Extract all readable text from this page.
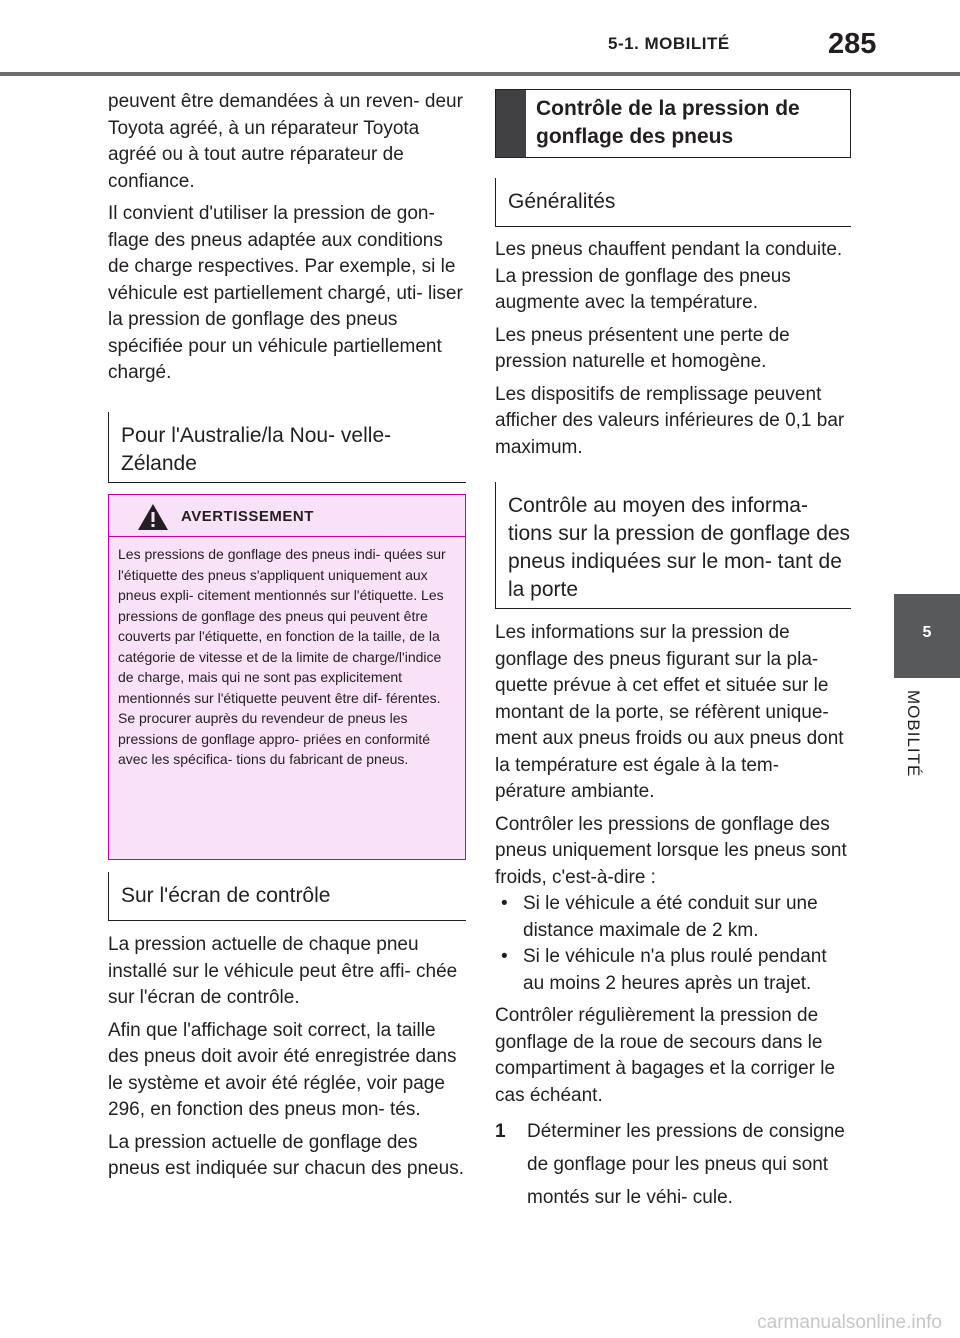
5-1. MOBILITÉ	285
5
MOBILITÉ

peuvent être demandées à un reven- deur Toyota agréé, à un réparateur Toyota agréé ou à tout autre réparateur de confiance.

Il convient d'utiliser la pression de gon- flage des pneus adaptée aux conditions de charge respectives. Par exemple, si le véhicule est partiellement chargé, uti- liser la pression de gonflage des pneus spécifiée pour un véhicule partiellement chargé.

Pour l'Australie/la Nou- velle-Zélande
AVERTISSEMENT
Les pressions de gonflage des pneus indi- quées sur l'étiquette des pneus s'appliquent uniquement aux pneus expli- citement mentionnés sur l'étiquette. Les pressions de gonflage des pneus qui peuvent être couverts par l'étiquette, en fonction de la taille, de la catégorie de vitesse et de la limite de charge/l'indice de charge, mais qui ne sont pas explicitement mentionnés sur l'étiquette peuvent être dif- férentes. Se procurer auprès du revendeur de pneus les pressions de gonflage appro- priées en conformité avec les spécifica- tions du fabricant de pneus.
Sur l'écran de contrôle

La pression actuelle de chaque pneu installé sur le véhicule peut être affi- chée sur l'écran de contrôle.

Afin que l'affichage soit correct, la taille des pneus doit avoir été enregistrée dans le système et avoir été réglée, voir page 296, en fonction des pneus mon- tés.

La pression actuelle de gonflage des pneus est indiquée sur chacun des pneus.

Contrôle de la pression de gonflage des pneus
Généralités

Les pneus chauffent pendant la conduite. La pression de gonflage des pneus augmente avec la température.

Les pneus présentent une perte de pression naturelle et homogène.

Les dispositifs de remplissage peuvent afficher des valeurs inférieures de 0,1 bar maximum.

Contrôle au moyen des informa- tions sur la pression de gonflage des pneus indiquées sur le mon- tant de la porte

Les informations sur la pression de gonflage des pneus figurant sur la pla- quette prévue à cet effet et située sur le montant de la porte, se réfèrent unique- ment aux pneus froids ou aux pneus dont la température est égale à la tem- pérature ambiante.

Contrôler les pressions de gonflage des pneus uniquement lorsque les pneus sont froids, c'est-à-dire :

• Si le véhicule a été conduit sur une distance maximale de 2 km.
• Si le véhicule n'a plus roulé pendant au moins 2 heures après un trajet.

Contrôler régulièrement la pression de gonflage de la roue de secours dans le compartiment à bagages et la corriger le cas échéant.

1 Déterminer les pressions de consigne de gonflage pour les pneus qui sont montés sur le véhi- cule.
carmanualsonline.info
